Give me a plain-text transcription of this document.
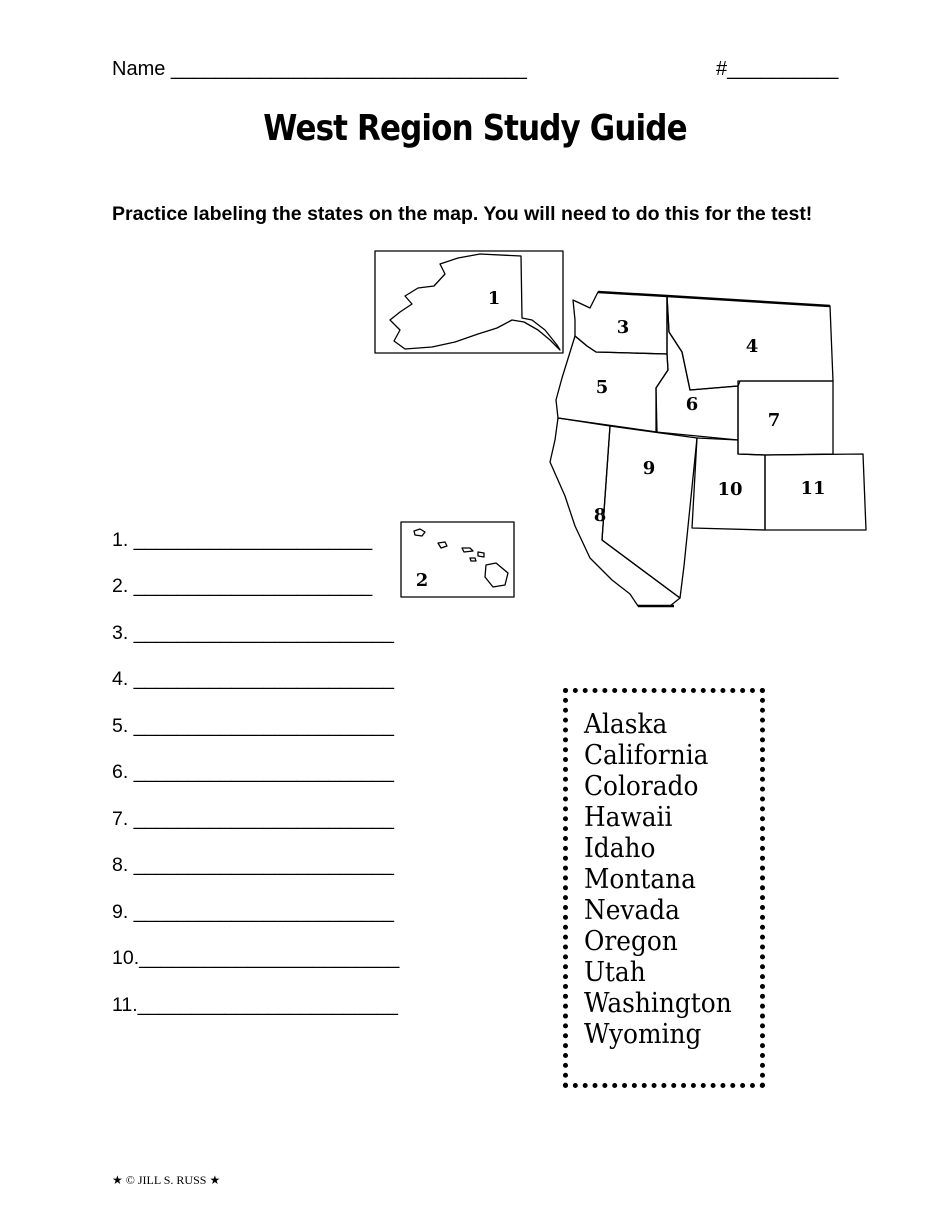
Name ________________________________	#__________
West Region Study Guide
Practice labeling the states on the map. You will need to do this for the test!
1
2
3
4
5
6
7
8
9
10	11
1. ______________________
2. ______________________
3. ________________________
4. ________________________
5. ________________________
6. ________________________
7. ________________________
8. ________________________
9. ________________________
10.________________________
11.________________________
Alaska
California
Colorado
Hawaii
Idaho
Montana
Nevada
Oregon
Utah
Washington
Wyoming
★ © JILL S. RUSS ★
